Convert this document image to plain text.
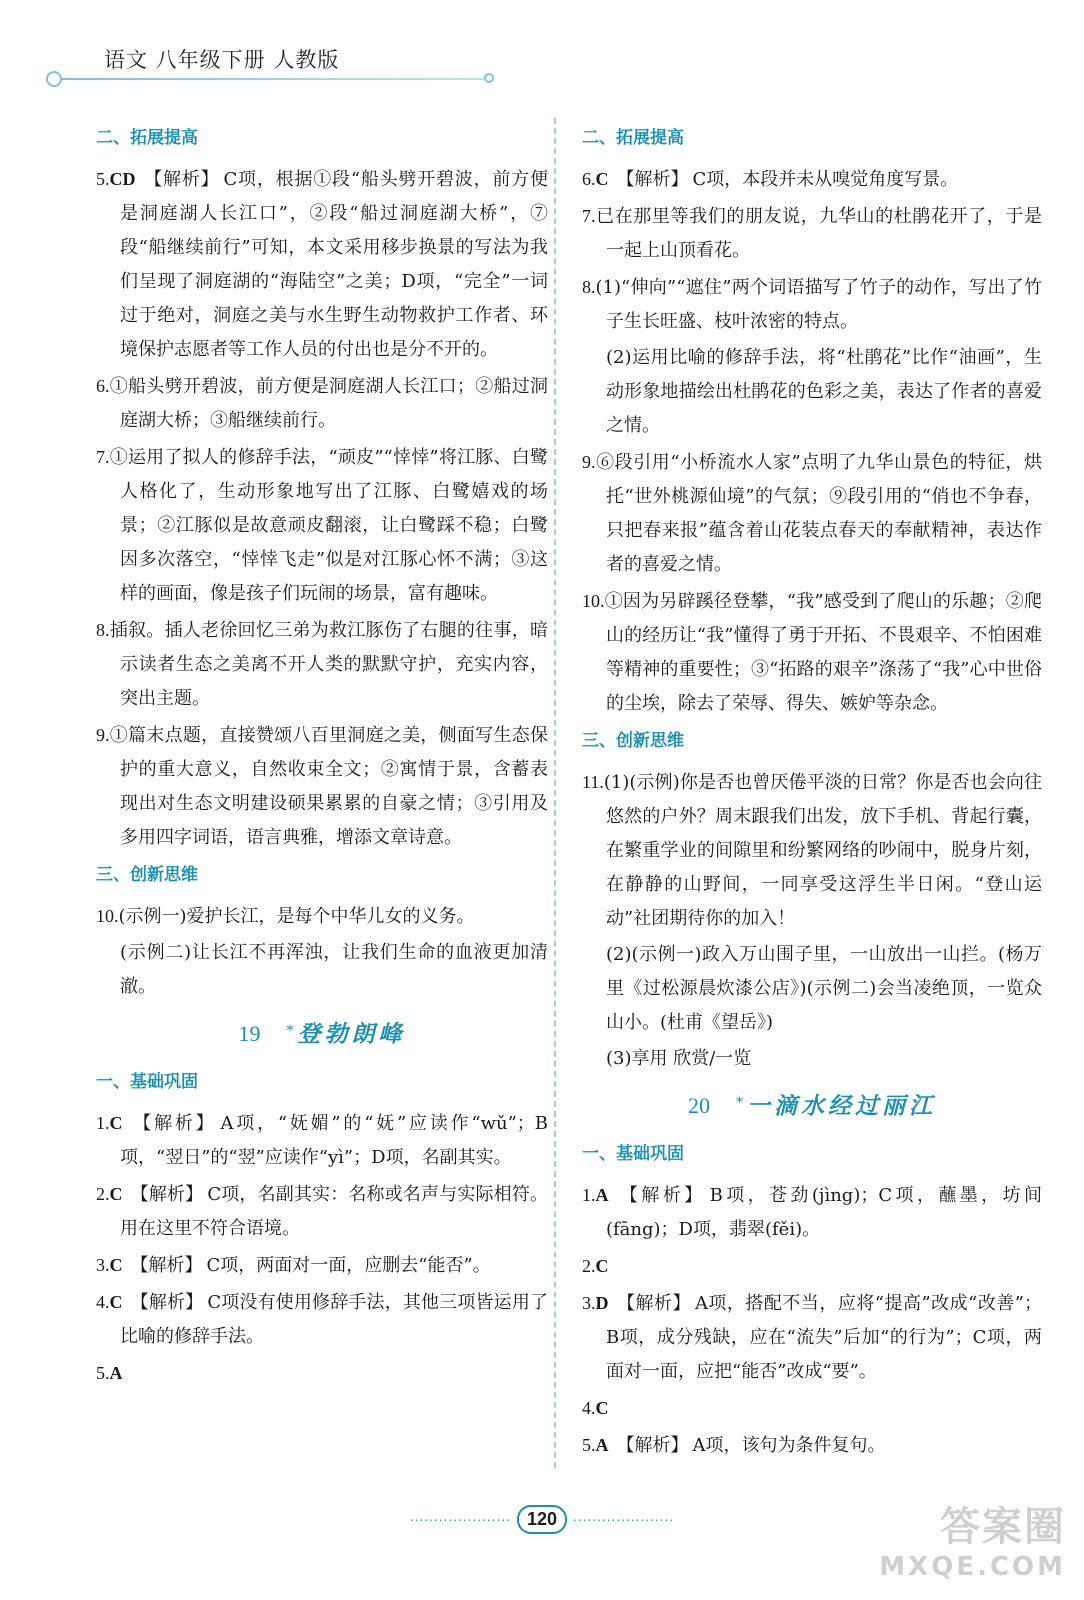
语文 八年级下册 人教版
二、拓展提高
5.CD 【解析】 C项，根据①段“船头劈开碧波，前方便是洞庭湖人长江口”，②段“船过洞庭湖大桥”，⑦段“船继续前行”可知，本文采用移步换景的写法为我们呈现了洞庭湖的“海陆空”之美；D项，“完全”一词过于绝对，洞庭之美与水生野生动物救护工作者、环境保护志愿者等工作人员的付出也是分不开的。
6.①船头劈开碧波，前方便是洞庭湖人长江口；②船过洞庭湖大桥；③船继续前行。
7.①运用了拟人的修辞手法，“顽皮”“悻悻”将江豚、白鹭人格化了，生动形象地写出了江豚、白鹭嬉戏的场景；②江豚似是故意顽皮翻滚，让白鹭踩不稳；白鹭因多次落空，“悻悻飞走”似是对江豚心怀不满；③这样的画面，像是孩子们玩闹的场景，富有趣味。
8.插叙。插人老徐回忆三弟为救江豚伤了右腿的往事，暗示读者生态之美离不开人类的默默守护，充实内容，突出主题。
9.①篇末点题，直接赞颂八百里洞庭之美，侧面写生态保护的重大意义，自然收束全文；②寓情于景，含蓄表现出对生态文明建设硕果累累的自豪之情；③引用及多用四字词语，语言典雅，增添文章诗意。
三、创新思维
10.(示例一)爱护长江，是每个中华儿女的义务。
(示例二)让长江不再浑浊，让我们生命的血液更加清澈。
19 * 登勃朗峰
一、基础巩固
1.C 【解析】 A项，“妩媚”的“妩”应读作“wǔ”；B项，“翌日”的“翌”应读作“yì”；D项，名副其实。
2.C 【解析】 C项，名副其实：名称或名声与实际相符。用在这里不符合语境。
3.C 【解析】 C项，两面对一面，应删去“能否”。
4.C 【解析】 C项没有使用修辞手法，其他三项皆运用了比喻的修辞手法。
5.A
二、拓展提高
6.C 【解析】 C项，本段并未从嗅觉角度写景。
7.已在那里等我们的朋友说，九华山的杜鹃花开了，于是一起上山顶看花。
8.(1)“伸向”“遮住”两个词语描写了竹子的动作，写出了竹子生长旺盛、枝叶浓密的特点。
(2)运用比喻的修辞手法，将“杜鹃花”比作“油画”，生动形象地描绘出杜鹃花的色彩之美，表达了作者的喜爱之情。
9.⑥段引用“小桥流水人家”点明了九华山景色的特征，烘托“世外桃源仙境”的气氛；⑨段引用的“俏也不争春，只把春来报”蕴含着山花装点春天的奉献精神，表达作者的喜爱之情。
10.①因为另辟蹊径登攀，“我”感受到了爬山的乐趣；②爬山的经历让“我”懂得了勇于开拓、不畏艰辛、不怕困难等精神的重要性；③“拓路的艰辛”涤荡了“我”心中世俗的尘埃，除去了荣辱、得失、嫉妒等杂念。
三、创新思维
11.(1)(示例)你是否也曾厌倦平淡的日常？你是否也会向往悠然的户外？周末跟我们出发，放下手机、背起行囊，在繁重学业的间隙里和纷繁网络的吵闹中，脱身片刻，在静静的山野间，一同享受这浮生半日闲。“登山运动”社团期待你的加入！
(2)(示例一)政入万山围子里，一山放出一山拦。(杨万里《过松源晨炊漆公店》)(示例二)会当凌绝顶，一览众山小。(杜甫《望岳》)
(3)享用 欣赏/一览
20 * 一滴水经过丽江
一、基础巩固
1.A 【解析】 B项，苍劲(jìng)；C项，蘸墨，坊间(fāng)；D项，翡翠(fěi)。
2.C
3.D 【解析】 A项，搭配不当，应将“提高”改成“改善”；B项，成分残缺，应在“流失”后加“的行为”；C项，两面对一面，应把“能否”改成“要”。
4.C
5.A 【解析】 A项，该句为条件复句。
····················· 120 ·····················	答案圈
MXQE.COM
